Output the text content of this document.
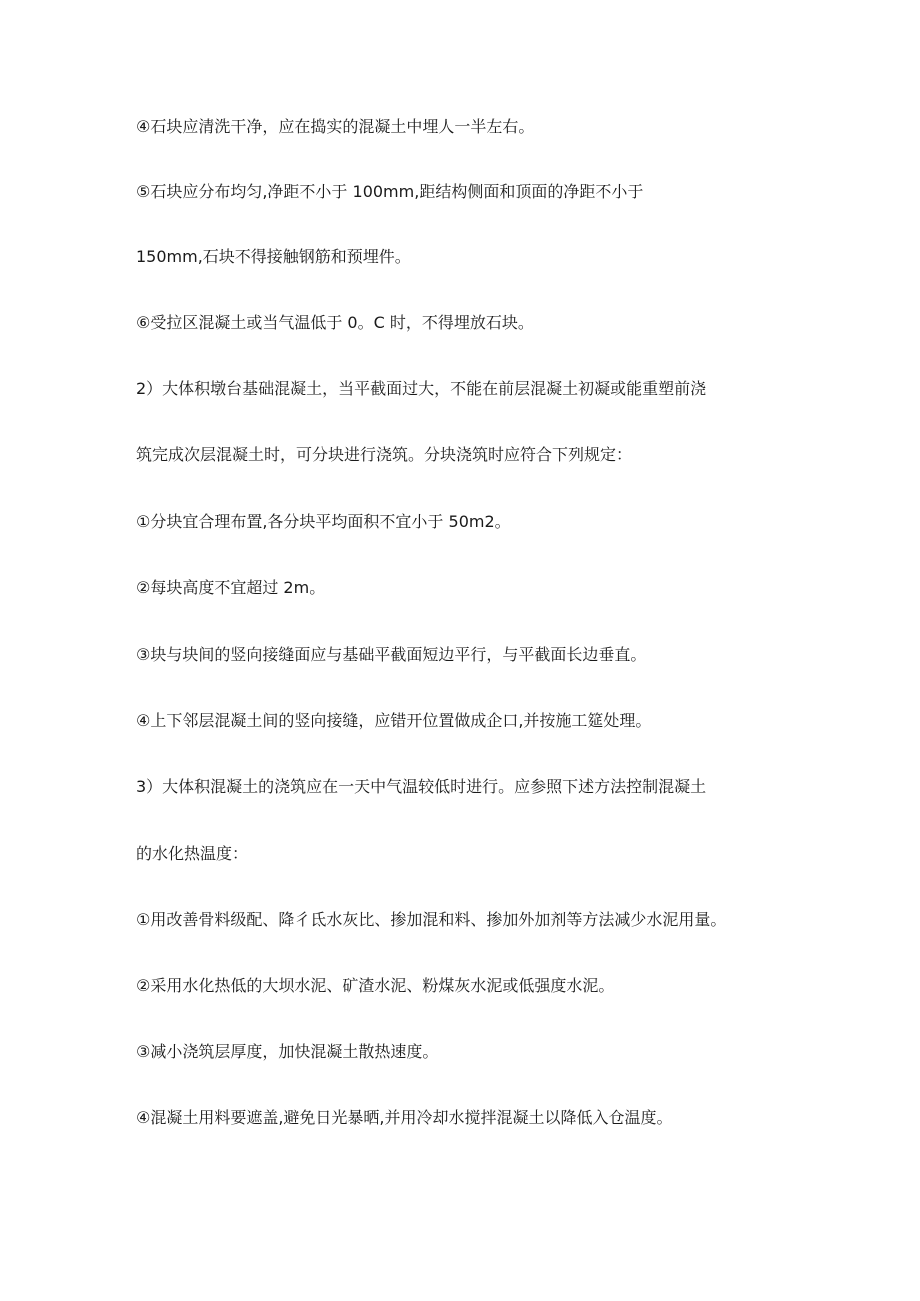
④石块应清洗干净，应在捣实的混凝土中埋人一半左右。
⑤石块应分布均匀,净距不小于 100mm,距结构侧面和顶面的净距不小于
150mm,石块不得接触钢筋和预埋件。
⑥受拉区混凝土或当气温低于 0。C 时，不得埋放石块。
2）大体积墩台基础混凝土，当平截面过大，不能在前层混凝土初凝或能重塑前浇
筑完成次层混凝土时，可分块进行浇筑。分块浇筑时应符合下列规定：
①分块宜合理布置,各分块平均面积不宜小于 50m2。
②每块高度不宜超过 2m。
③块与块间的竖向接缝面应与基础平截面短边平行，与平截面长边垂直。
④上下邻层混凝土间的竖向接缝，应错开位置做成企口,并按施工筵处理。
3）大体积混凝土的浇筑应在一天中气温较低时进行。应参照下述方法控制混凝土
的水化热温度：
①用改善骨料级配、降彳氐水灰比、掺加混和料、掺加外加剂等方法减少水泥用量。
②采用水化热低的大坝水泥、矿渣水泥、粉煤灰水泥或低强度水泥。
③减小浇筑层厚度，加快混凝土散热速度。
④混凝土用料要遮盖,避免日光暴晒,并用冷却水搅拌混凝土以降低入仓温度。
